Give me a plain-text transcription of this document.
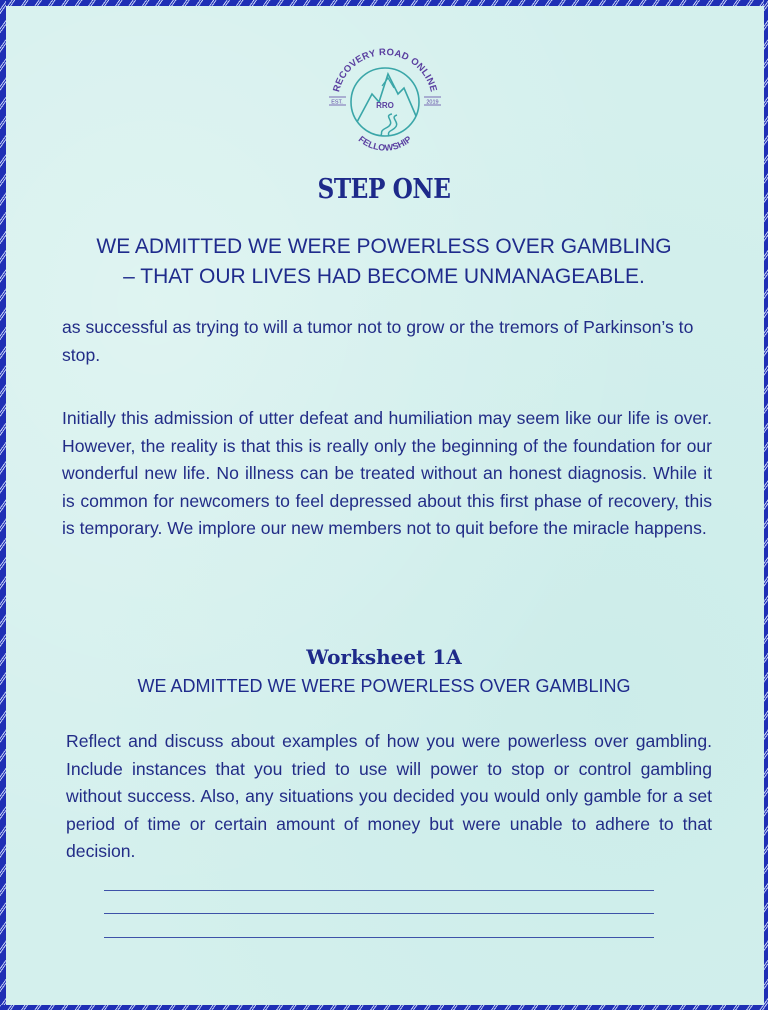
RRO
RECOVERY ROAD ONLINE
FELLOWSHIP
EST.	2019
STEP ONE
WE ADMITTED WE WERE POWERLESS OVER GAMBLING
– THAT OUR LIVES HAD BECOME UNMANAGEABLE.
as successful as trying to will a tumor not to grow or the tremors of Parkinson’s to stop.
Initially this admission of utter defeat and humiliation may seem like our life is over. However, the reality is that this is really only the beginning of the foundation for our wonderful new life. No illness can be treated without an honest diagnosis. While it is common for newcomers to feel depressed about this first phase of recovery, this is temporary. We implore our new members not to quit before the miracle happens.
Worksheet 1A
WE ADMITTED WE WERE POWERLESS OVER GAMBLING
Reflect and discuss about examples of how you were powerless over gambling. Include instances that you tried to use will power to stop or control gambling without success. Also, any situations you decided you would only gamble for a set period of time or certain amount of money but were unable to adhere to that decision.
